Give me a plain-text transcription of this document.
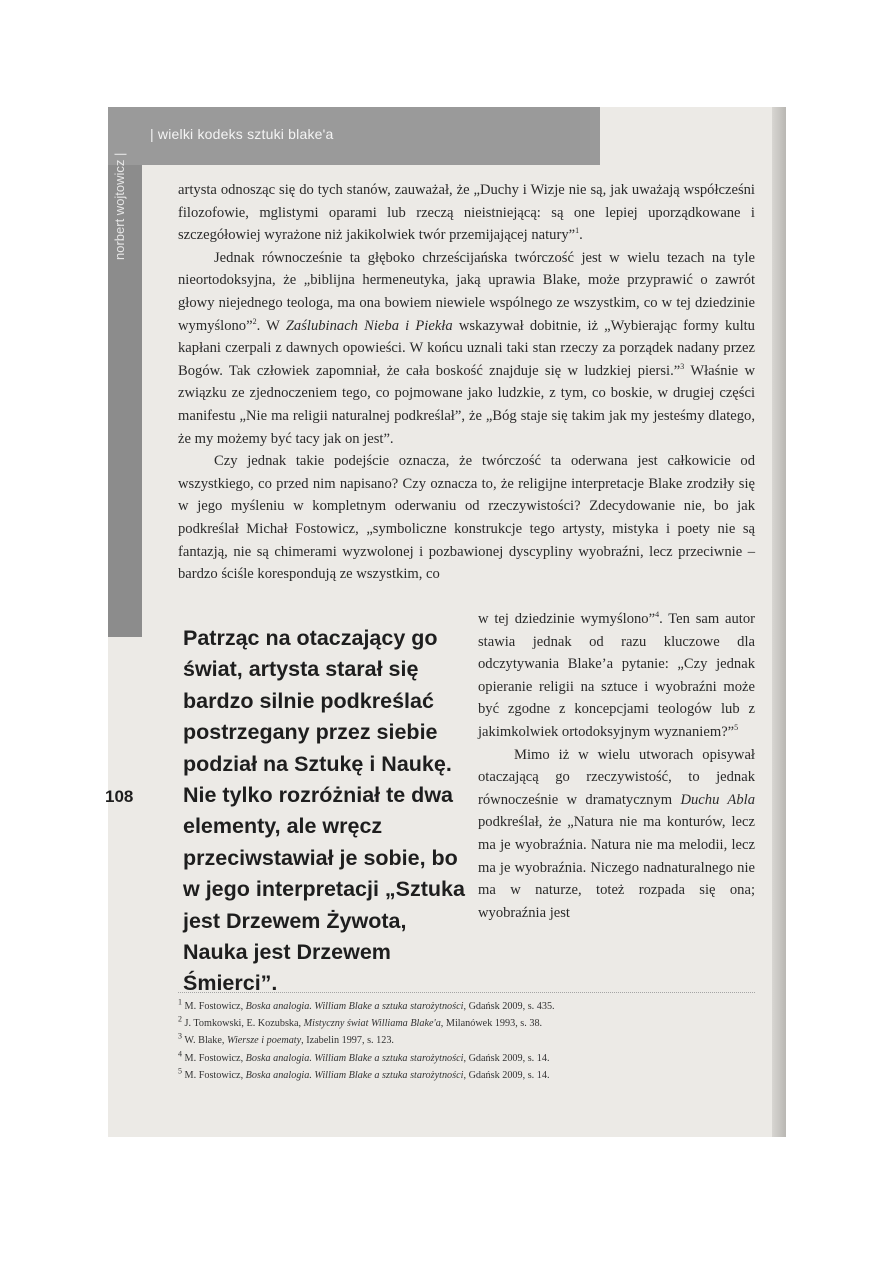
| wielki kodeks sztuki blake'a
norbert wojtowicz |	artysta odnosząc się do tych stanów, zauważał, że „Duchy i Wizje nie są, jak uważają współcześni filozofowie, mglistymi oparami lub rzeczą nieistniejącą: są one lepiej uporządkowane i szczegółowiej wyrażone niż jakikolwiek twór przemijającej natury”$^1$.

Jednak równocześnie ta głęboko chrześcijańska twórczość jest w wielu tezach na tyle nieortodoksyjna, że „biblijna hermeneutyka, jaką uprawia Blake, może przyprawić o zawrót głowy niejednego teologa, ma ona bowiem niewiele wspólnego ze wszystkim, co w tej dziedzinie wymyślono”$^2$. W Zaślubinach Nieba i Piekła wskazywał dobitnie, iż „Wybierając formy kultu kapłani czerpali z dawnych opowieści. W końcu uznali taki stan rzeczy za porządek nadany przez Bogów. Tak człowiek zapomniał, że cała boskość znajduje się w ludzkiej piersi.”$^3$ Właśnie w związku ze zjednoczeniem tego, co pojmowane jako ludzkie, z tym, co boskie, w drugiej części manifestu „Nie ma religii naturalnej podkreślał”, że „Bóg staje się takim jak my jesteśmy dlatego, że my możemy być tacy jak on jest”.

Czy jednak takie podejście oznacza, że twórczość ta oderwana jest całkowicie od wszystkiego, co przed nim napisano? Czy oznacza to, że religijne interpretacje Blake zrodziły się w jego myśleniu w kompletnym oderwaniu od rzeczywistości? Zdecydowanie nie, bo jak podkreślał Michał Fostowicz, „symboliczne konstrukcje tego artysty, mistyka i poety nie są fantazją, nie są chimerami wyzwolonej i pozbawionej dyscypliny wyobraźni, lecz przeciwnie – bardzo ściśle korespondują ze wszystkim, co

Patrząc na otaczający go świat, artysta starał się bardzo silnie podkreślać postrzegany przez siebie podział na Sztukę i Naukę. Nie tylko rozróżniał te dwa elementy, ale wręcz przeciwstawiał je sobie, bo w jego interpretacji „Sztuka jest Drzewem Żywota, Nauka jest Drzewem Śmierci”.

w tej dziedzinie wymyślono”$^4$. Ten sam autor stawia jednak od razu kluczowe dla odczytywania Blake’a pytanie: „Czy jednak opieranie religii na sztuce i wyobraźni może być zgodne z koncepcjami teologów lub z jakimkolwiek ortodoksyjnym wyznaniem?”$^5$

Mimo iż w wielu utworach opisywał otaczającą go rzeczywistość, to jednak równocześnie w dramatycznym Duchu Abla podkreślał, że „Natura nie ma konturów, lecz ma je wyobraźnia. Natura nie ma melodii, lecz ma je wyobraźnia. Niczego nadnaturalnego nie ma w naturze, toteż rozpada się ona; wyobraźnia jest

108
$^1$ M. Fostowicz, Boska analogia. William Blake a sztuka starożytności, Gdańsk 2009, s. 435.
$^2$ J. Tomkowski, E. Kozubska, Mistyczny świat Williama Blake'a, Milanówek 1993, s. 38.
$^3$ W. Blake, Wiersze i poematy, Izabelin 1997, s. 123.
$^4$ M. Fostowicz, Boska analogia. William Blake a sztuka starożytności, Gdańsk 2009, s. 14.
$^5$ M. Fostowicz, Boska analogia. William Blake a sztuka starożytności, Gdańsk 2009, s. 14.
